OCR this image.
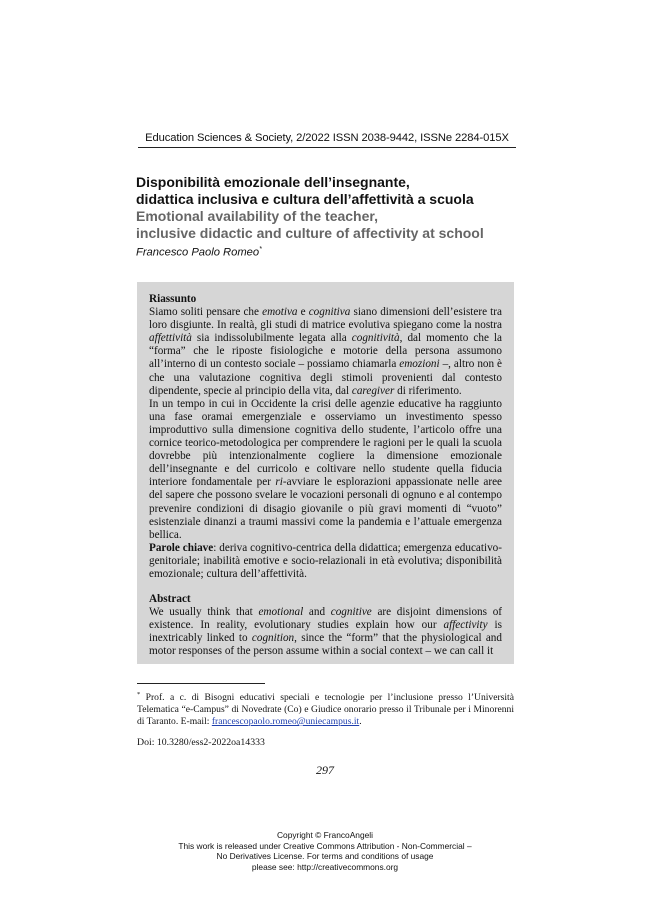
Education Sciences & Society, 2/2022 ISSN 2038-9442, ISSNe 2284-015X
Disponibilità emozionale dell’insegnante,
didattica inclusiva e cultura dell’affettività a scuola
Emotional availability of the teacher,
inclusive didactic and culture of affectivity at school
Francesco Paolo Romeo*
Riassunto
Siamo soliti pensare che emotiva e cognitiva siano dimensioni dell’esistere tra loro disgiunte. In realtà, gli studi di matrice evolutiva spiegano come la nostra affettività sia indissolubilmente legata alla cognitività, dal momento che la “forma” che le riposte fisiologiche e motorie della persona assumono all’interno di un contesto sociale – possiamo chiamarla emozioni –, altro non è che una valutazione cognitiva degli stimoli provenienti dal contesto dipendente, specie al principio della vita, dal caregiver di riferimento.
In un tempo in cui in Occidente la crisi delle agenzie educative ha raggiunto una fase oramai emergenziale e osserviamo un investimento spesso improduttivo sulla dimensione cognitiva dello studente, l’articolo offre una cornice teorico-metodologica per comprendere le ragioni per le quali la scuola dovrebbe più intenzionalmente cogliere la dimensione emozionale dell’insegnante e del curricolo e coltivare nello studente quella fiducia interiore fondamentale per ri-avviare le esplorazioni appassionate nelle aree del sapere che possono svelare le vocazioni personali di ognuno e al contempo prevenire condizioni di disagio giovanile o più gravi momenti di “vuoto” esistenziale dinanzi a traumi massivi come la pandemia e l’attuale emergenza bellica.
Parole chiave: deriva cognitivo-centrica della didattica; emergenza educativo-genitoriale; inabilità emotive e socio-relazionali in età evolutiva; disponibilità emozionale; cultura dell’affettività.
Abstract
We usually think that emotional and cognitive are disjoint dimensions of existence. In reality, evolutionary studies explain how our affectivity is inextricably linked to cognition, since the “form” that the physiological and motor responses of the person assume within a social context – we can call it
* Prof. a c. di Bisogni educativi speciali e tecnologie per l’inclusione presso l’Università Telematica “e-Campus” di Novedrate (Co) e Giudice onorario presso il Tribunale per i Minorenni di Taranto. E-mail: francescopaolo.romeo@uniecampus.it.
Doi: 10.3280/ess2-2022oa14333
297
Copyright © FrancoAngeli
This work is released under Creative Commons Attribution - Non-Commercial –
No Derivatives License. For terms and conditions of usage
please see: http://creativecommons.org
